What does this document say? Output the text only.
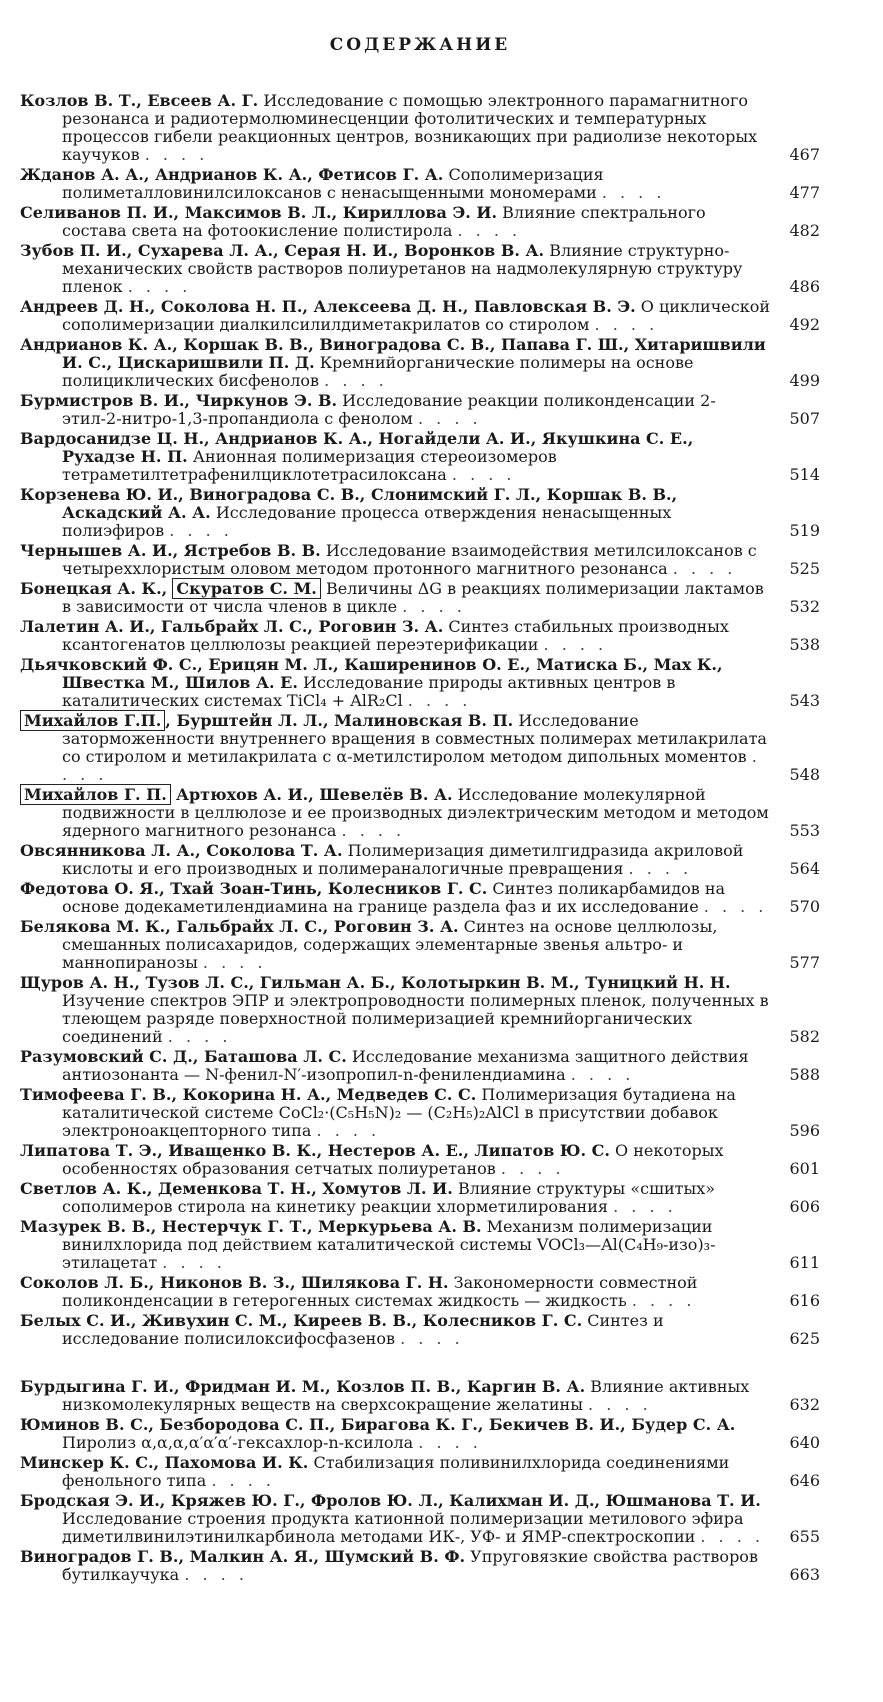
СОДЕРЖАНИЕ
Козлов В. Т., Евсеев А. Г. Исследование с помощью электронного парамагнитного резонанса и радиотермолюминесценции фотолитических и температурных процессов гибели реакционных центров, возникающих при радиолизе некоторых каучуков . . . .	467
Жданов А. А., Андрианов К. А., Фетисов Г. А. Сополимеризация полиметалловинилсилоксанов с ненасыщенными мономерами . . . .	477
Селиванов П. И., Максимов В. Л., Кириллова Э. И. Влияние спектрального состава света на фотоокисление полистирола . . . .	482
Зубов П. И., Сухарева Л. А., Серая Н. И., Воронков В. А. Влияние структурно-механических свойств растворов полиуретанов на надмолекулярную структуру пленок . . . .	486
Андреев Д. Н., Соколова Н. П., Алексеева Д. Н., Павловская В. Э. О циклической сополимеризации диалкилсилилдиметакрилатов со стиролом . . . .	492
Андрианов К. А., Коршак В. В., Виноградова С. В., Папава Г. Ш., Хитаришвили И. С., Цискаришвили П. Д. Кремнийорганические полимеры на основе полициклических бисфенолов . . . .	499
Бурмистров В. И., Чиркунов Э. В. Исследование реакции поликонденсации 2-этил-2-нитро-1,3-пропандиола с фенолом . . . .	507
Вардосанидзе Ц. Н., Андрианов К. А., Ногайдели А. И., Якушкина С. Е., Рухадзе Н. П. Анионная полимеризация стереоизомеров тетраметилтетрафенилциклотетрасилоксана . . . .	514
Корзенева Ю. И., Виноградова С. В., Слонимский Г. Л., Коршак В. В., Аскадский А. А. Исследование процесса отверждения ненасыщенных полиэфиров . . . .	519
Чернышев А. И., Ястребов В. В. Исследование взаимодействия метилсилоксанов с четыреххлористым оловом методом протонного магнитного резонанса . . . .	525
Бонецкая А. К., Скуратов С. М. Величины ΔG в реакциях полимеризации лактамов в зависимости от числа членов в цикле . . . .	532
Лалетин А. И., Гальбрайх Л. С., Роговин З. А. Синтез стабильных производных ксантогенатов целлюлозы реакцией переэтерификации . . . .	538
Дьячковский Ф. С., Ерицян М. Л., Каширенинов О. Е., Матиска Б., Мах К., Швестка М., Шилов А. Е. Исследование природы активных центров в каталитических системах TiCl₄ + AlR₂Cl . . . .	543
Михайлов Г.П. , Бурштейн Л. Л., Малиновская В. П. Исследование заторможенности внутреннего вращения в совместных полимерах метилакрилата со стиролом и метилакрилата с α-метилстиролом методом дипольных моментов . . . .	548
Михайлов Г. П. Артюхов А. И., Шевелёв В. А. Исследование молекулярной подвижности в целлюлозе и ее производных диэлектрическим методом и методом ядерного магнитного резонанса . . . .	553
Овсянникова Л. А., Соколова Т. А. Полимеризация диметилгидразида акриловой кислоты и его производных и полимераналогичные превращения . . . .	564
Федотова О. Я., Тхай Зоан-Тинь, Колесников Г. С. Синтез поликарбамидов на основе додекаметилендиамина на границе раздела фаз и их исследование . . . .	570
Белякова М. К., Гальбрайх Л. С., Роговин З. А. Синтез на основе целлюлозы, смешанных полисахаридов, содержащих элементарные звенья альтро- и маннопиранозы . . . .	577
Щуров А. Н., Тузов Л. С., Гильман А. Б., Колотыркин В. М., Туницкий Н. Н. Изучение спектров ЭПР и электропроводности полимерных пленок, полученных в тлеющем разряде поверхностной полимеризацией кремнийорганических соединений . . . .	582
Разумовский С. Д., Баташова Л. С. Исследование механизма защитного действия антиозонанта — N-фенил-N′-изопропил-n-фенилендиамина . . . .	588
Тимофеева Г. В., Кокорина Н. А., Медведев С. С. Полимеризация бутадиена на каталитической системе CoCl₂·(C₅H₅N)₂ — (C₂H₅)₂AlCl в присутствии добавок электроноакцепторного типа . . . .	596
Липатова Т. Э., Иващенко В. К., Нестеров А. Е., Липатов Ю. С. О некоторых особенностях образования сетчатых полиуретанов . . . .	601
Светлов А. К., Деменкова Т. Н., Хомутов Л. И. Влияние структуры «сшитых» сополимеров стирола на кинетику реакции хлорметилирования . . . .	606
Мазурек В. В., Нестерчук Г. Т., Меркурьева А. В. Механизм полимеризации винилхлорида под действием каталитической системы VOCl₃—Al(C₄H₉-изо)₃-этилацетат . . . .	611
Соколов Л. Б., Никонов В. З., Шилякова Г. Н. Закономерности совместной поликонденсации в гетерогенных системах жидкость — жидкость . . . .	616
Белых С. И., Живухин С. М., Киреев В. В., Колесников Г. С. Синтез и исследование полисилоксифосфазенов . . . .	625
Бурдыгина Г. И., Фридман И. М., Козлов П. В., Каргин В. А. Влияние активных низкомолекулярных веществ на сверхсокращение желатины . . . .	632
Юминов В. С., Безбородова С. П., Бирагова К. Г., Бекичев В. И., Будер С. А. Пиролиз α,α,α,α′α′α′-гексахлор-n-ксилола . . . .	640
Минскер К. С., Пахомова И. К. Стабилизация поливинилхлорида соединениями фенольного типа . . . .	646
Бродская Э. И., Кряжев Ю. Г., Фролов Ю. Л., Калихман И. Д., Юшманова Т. И. Исследование строения продукта катионной полимеризации метилового эфира диметилвинилэтинилкарбинола методами ИК-, УФ- и ЯМР-спектроскопии . . . .	655
Виноградов Г. В., Малкин А. Я., Шумский В. Ф. Упруговязкие свойства растворов бутилкаучука . . . .	663
